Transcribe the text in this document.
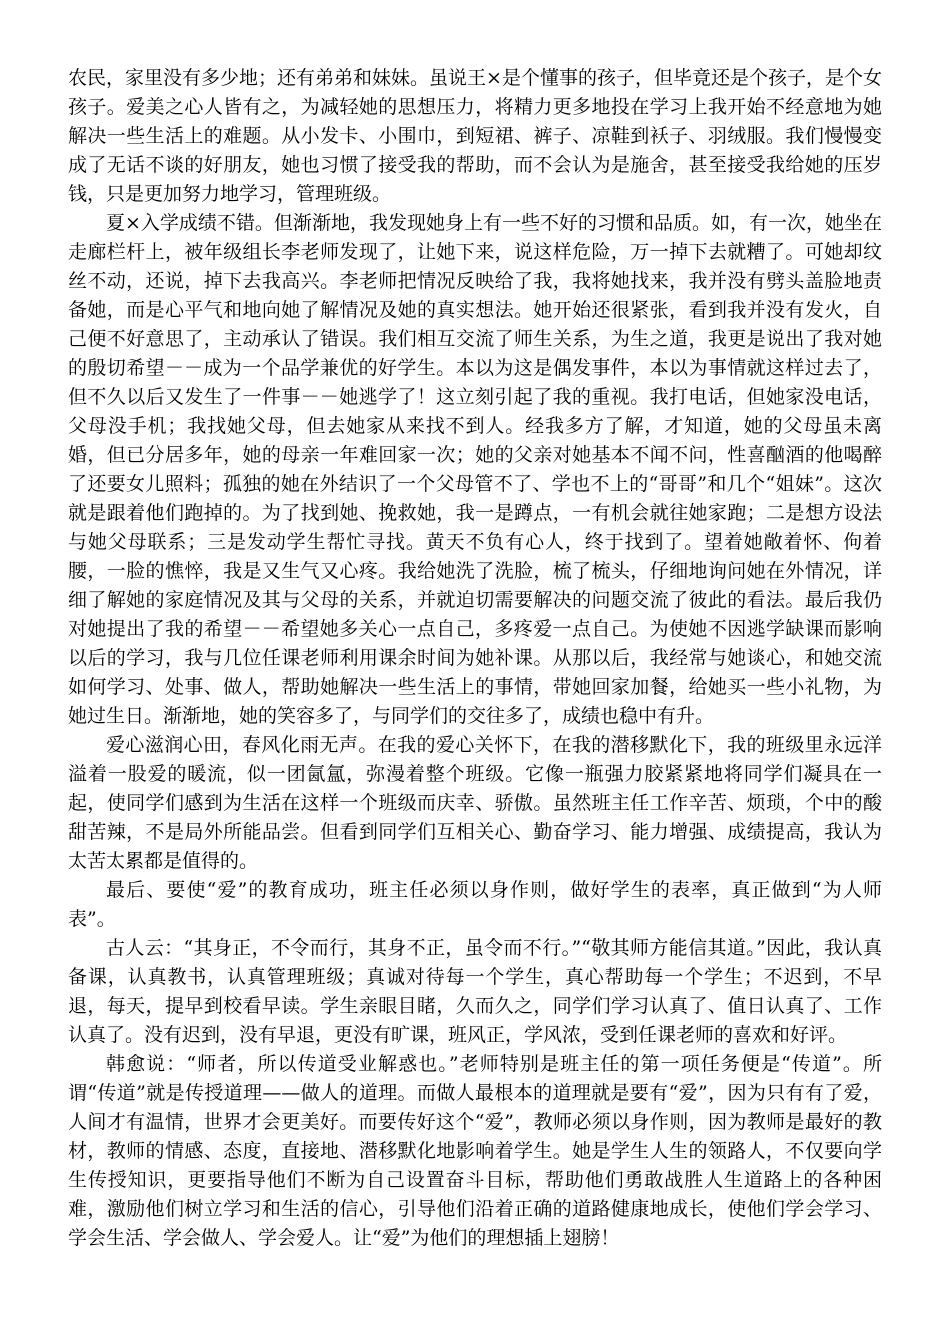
农民，家里没有多少地；还有弟弟和妹妹。虽说王×是个懂事的孩子，但毕竟还是个孩子，是个女孩子。爱美之心人皆有之，为减轻她的思想压力，将精力更多地投在学习上我开始不经意地为她解决一些生活上的难题。从小发卡、小围巾，到短裙、裤子、凉鞋到袄子、羽绒服。我们慢慢变成了无话不谈的好朋友，她也习惯了接受我的帮助，而不会认为是施舍，甚至接受我给她的压岁钱，只是更加努力地学习，管理班级。

夏×入学成绩不错。但渐渐地，我发现她身上有一些不好的习惯和品质。如，有一次，她坐在走廊栏杆上，被年级组长李老师发现了，让她下来，说这样危险，万一掉下去就糟了。可她却纹丝不动，还说，掉下去我高兴。李老师把情况反映给了我，我将她找来，我并没有劈头盖脸地责备她，而是心平气和地向她了解情况及她的真实想法。她开始还很紧张，看到我并没有发火，自己便不好意思了，主动承认了错误。我们相互交流了师生关系，为生之道，我更是说出了我对她的殷切希望－－成为一个品学兼优的好学生。本以为这是偶发事件，本以为事情就这样过去了，但不久以后又发生了一件事－－她逃学了！这立刻引起了我的重视。我打电话，但她家没电话，父母没手机；我找她父母，但去她家从来找不到人。经我多方了解，才知道，她的父母虽未离婚，但已分居多年，她的母亲一年难回家一次；她的父亲对她基本不闻不问，性喜酗酒的他喝醉了还要女儿照料；孤独的她在外结识了一个父母管不了、学也不上的“哥哥”和几个“姐妹”。这次就是跟着他们跑掉的。为了找到她、挽救她，我一是蹲点，一有机会就往她家跑；二是想方设法与她父母联系；三是发动学生帮忙寻找。黄天不负有心人，终于找到了。望着她敞着怀、佝着腰，一脸的憔悴，我是又生气又心疼。我给她洗了洗脸，梳了梳头，仔细地询问她在外情况，详细了解她的家庭情况及其与父母的关系，并就迫切需要解决的问题交流了彼此的看法。最后我仍对她提出了我的希望－－希望她多关心一点自己，多疼爱一点自己。为使她不因逃学缺课而影响以后的学习，我与几位任课老师利用课余时间为她补课。从那以后，我经常与她谈心，和她交流如何学习、处事、做人，帮助她解决一些生活上的事情，带她回家加餐，给她买一些小礼物，为她过生日。渐渐地，她的笑容多了，与同学们的交往多了，成绩也稳中有升。

爱心滋润心田，春风化雨无声。在我的爱心关怀下，在我的潜移默化下，我的班级里永远洋溢着一股爱的暖流，似一团氤氲，弥漫着整个班级。它像一瓶强力胶紧紧地将同学们凝具在一起，使同学们感到为生活在这样一个班级而庆幸、骄傲。虽然班主任工作辛苦、烦琐，个中的酸甜苦辣，不是局外所能品尝。但看到同学们互相关心、勤奋学习、能力增强、成绩提高，我认为太苦太累都是值得的。

最后、要使“爱”的教育成功，班主任必须以身作则，做好学生的表率，真正做到“为人师表”。

古人云：“其身正，不令而行，其身不正，虽令而不行。”“敬其师方能信其道。”因此，我认真备课，认真教书，认真管理班级；真诚对待每一个学生，真心帮助每一个学生；不迟到，不早退，每天，提早到校看早读。学生亲眼目睹，久而久之，同学们学习认真了、值日认真了、工作认真了。没有迟到，没有早退，更没有旷课，班风正，学风浓，受到任课老师的喜欢和好评。

韩愈说：“师者，所以传道受业解惑也。”老师特别是班主任的第一项任务便是“传道”。所谓“传道”就是传授道理——做人的道理。而做人最根本的道理就是要有“爱”，因为只有有了爱，人间才有温情，世界才会更美好。而要传好这个“爱”，教师必须以身作则，因为教师是最好的教材，教师的情感、态度，直接地、潜移默化地影响着学生。她是学生人生的领路人，不仅要向学生传授知识，更要指导他们不断为自己设置奋斗目标，帮助他们勇敢战胜人生道路上的各种困难，激励他们树立学习和生活的信心，引导他们沿着正确的道路健康地成长，使他们学会学习、学会生活、学会做人、学会爱人。让“爱”为他们的理想插上翅膀！
